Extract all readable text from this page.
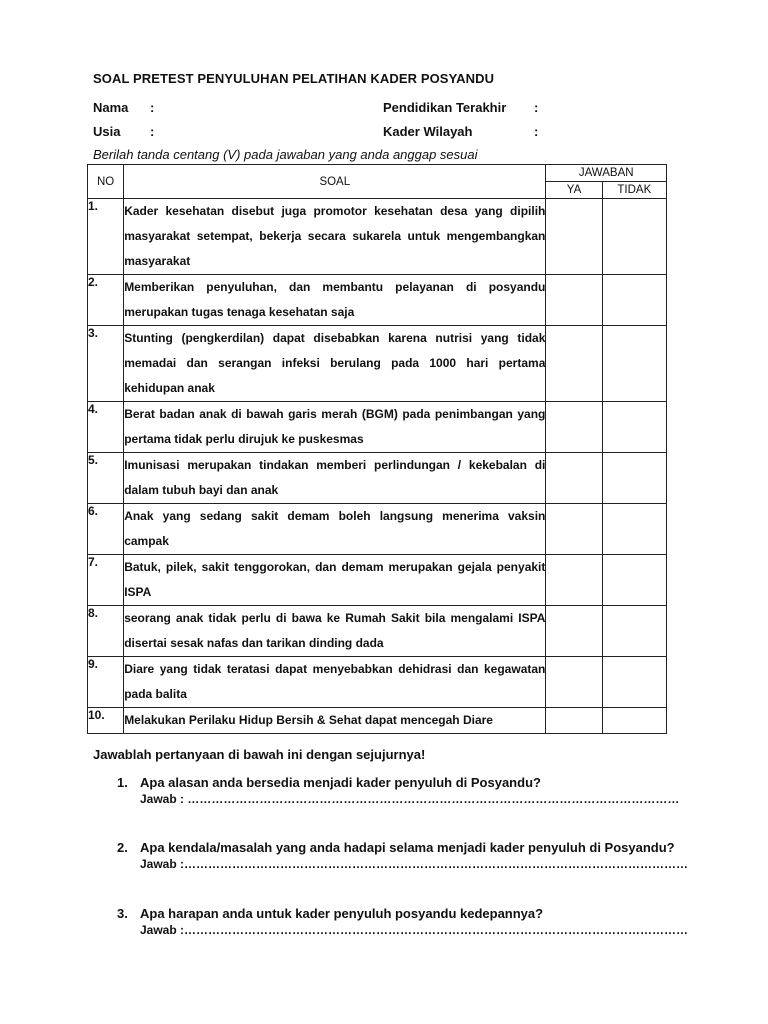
SOAL PRETEST PENYULUHAN PELATIHAN KADER POSYANDU
Nama :
Usia :
Pendidikan Terakhir :
Kader Wilayah	:
Berilah tanda centang (V) pada jawaban yang anda anggap sesuai
NO	SOAL	JAWABAN	
		YA	TIDAK
1.	Kader kesehatan disebut juga promotor kesehatan desa yang dipilih masyarakat setempat, bekerja secara sukarela untuk mengembangkan masyarakat		
2.	Memberikan penyuluhan, dan membantu pelayanan di posyandu merupakan tugas tenaga kesehatan saja		
3.	Stunting (pengkerdilan) dapat disebabkan karena nutrisi yang tidak memadai dan serangan infeksi berulang pada 1000 hari pertama kehidupan anak		
4.	Berat badan anak di bawah garis merah (BGM) pada penimbangan yang pertama tidak perlu dirujuk ke puskesmas		
5.	Imunisasi merupakan tindakan memberi perlindungan / kekebalan di dalam tubuh bayi dan anak		
6.	Anak yang sedang sakit demam boleh langsung menerima vaksin campak		
7.	Batuk, pilek, sakit tenggorokan, dan demam merupakan gejala penyakit ISPA		
8.	seorang anak tidak perlu di bawa ke Rumah Sakit bila mengalami ISPA disertai sesak nafas dan tarikan dinding dada		
9.	Diare yang tidak teratasi dapat menyebabkan dehidrasi dan kegawatan pada balita		
10.	Melakukan Perilaku Hidup Bersih & Sehat dapat mencegah Diare		
Jawablah pertanyaan di bawah ini dengan sejujurnya!
1. Apa alasan anda bersedia menjadi kader penyuluh di Posyandu?
Jawab : ……………………………………………………………………………………………………………
2. Apa kendala/masalah yang anda hadapi selama menjadi kader penyuluh di Posyandu?
Jawab :………………………………………………………………………………………………………………
3. Apa harapan anda untuk kader penyuluh posyandu kedepannya?
Jawab :………………………………………………………………………………………………………………
